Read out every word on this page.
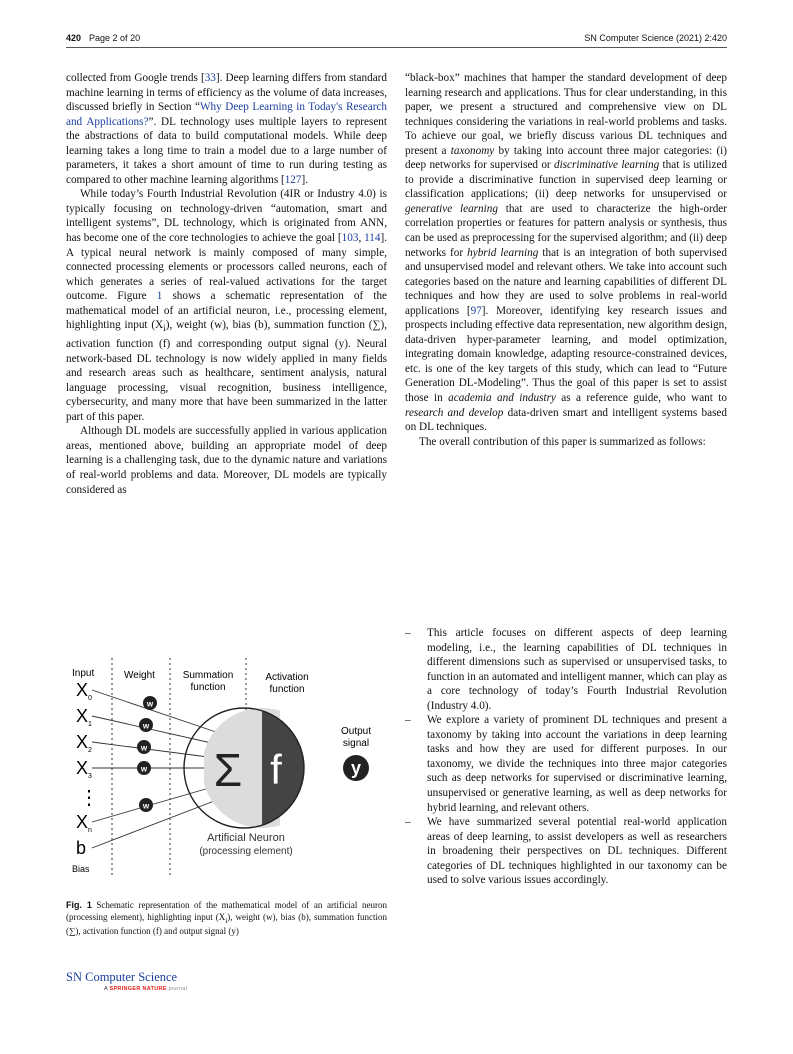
420 Page 2 of 20	SN Computer Science (2021) 2:420

collected from Google trends [33]. Deep learning differs from standard machine learning in terms of efficiency as the volume of data increases, discussed briefly in Section “Why Deep Learning in Today's Research and Applications?”. DL technology uses multiple layers to represent the abstractions of data to build computational models. While deep learning takes a long time to train a model due to a large number of parameters, it takes a short amount of time to run during testing as compared to other machine learning algorithms [127].

While today’s Fourth Industrial Revolution (4IR or Industry 4.0) is typically focusing on technology-driven “automation, smart and intelligent systems”, DL technology, which is originated from ANN, has become one of the core technologies to achieve the goal [103, 114]. A typical neural network is mainly composed of many simple, connected processing elements or processors called neurons, each of which generates a series of real-valued activations for the target outcome. Figure 1 shows a schematic representation of the mathematical model of an artificial neuron, i.e., processing element, highlighting input $(X_i)$, weight (w), bias (b), summation function (∑), activation function (f) and corresponding output signal (y). Neural network-based DL technology is now widely applied in many fields and research areas such as healthcare, sentiment analysis, natural language processing, visual recognition, business intelligence, cybersecurity, and many more that have been summarized in the latter part of this paper.

Although DL models are successfully applied in various application areas, mentioned above, building an appropriate model of deep learning is a challenging task, due to the dynamic nature and variations of real-world problems and data. Moreover, DL models are typically considered as

“black-box” machines that hamper the standard development of deep learning research and applications. Thus for clear understanding, in this paper, we present a structured and comprehensive view on DL techniques considering the variations in real-world problems and tasks. To achieve our goal, we briefly discuss various DL techniques and present a taxonomy by taking into account three major categories: (i) deep networks for supervised or discriminative learning that is utilized to provide a discriminative function in supervised deep learning or classification applications; (ii) deep networks for unsupervised or generative learning that are used to characterize the high-order correlation properties or features for pattern analysis or synthesis, thus can be used as preprocessing for the supervised algorithm; and (ii) deep networks for hybrid learning that is an integration of both supervised and unsupervised model and relevant others. We take into account such categories based on the nature and learning capabilities of different DL techniques and how they are used to solve problems in real-world applications [97]. Moreover, identifying key research issues and prospects including effective data representation, new algorithm design, data-driven hyper-parameter learning, and model optimization, integrating domain knowledge, adapting resource-constrained devices, etc. is one of the key targets of this study, which can lead to “Future Generation DL-Modeling”. Thus the goal of this paper is set to assist those in academia and industry as a reference guide, who want to research and develop data-driven smart and intelligent systems based on DL techniques.

The overall contribution of this paper is summarized as follows:

– This article focuses on different aspects of deep learning modeling, i.e., the learning capabilities of DL techniques in different dimensions such as supervised or unsupervised tasks, to function in an automated and intelligent manner, which can play as a core technology of today’s Fourth Industrial Revolution (Industry 4.0).
– We explore a variety of prominent DL techniques and present a taxonomy by taking into account the variations in deep learning tasks and how they are used for different purposes. In our taxonomy, we divide the techniques into three major categories such as deep networks for supervised or discriminative learning, unsupervised or generative learning, as well as deep networks for hybrid learning, and relevant others.
– We have summarized several potential real-world application areas of deep learning, to assist developers as well as researchers in broadening their perspectives on DL techniques. Different categories of DL techniques highlighted in our taxonomy can be used to solve various issues accordingly.
Input	Weight	Summation
function
Activation
function
Output
signal
$X_0$
$X_1$
$X_2$
$X_3$
⋮
$X_n$
b
Bias
w
w
w
w
w
Σ f	y
Artificial Neuron
(processing element)
Fig. 1 Schematic representation of the mathematical model of an artificial neuron (processing element), highlighting input $(X_i)$, weight (w), bias (b), summation function (∑), activation function (f) and output signal (y)
SN Computer Science
A SPRINGER NATURE journal
